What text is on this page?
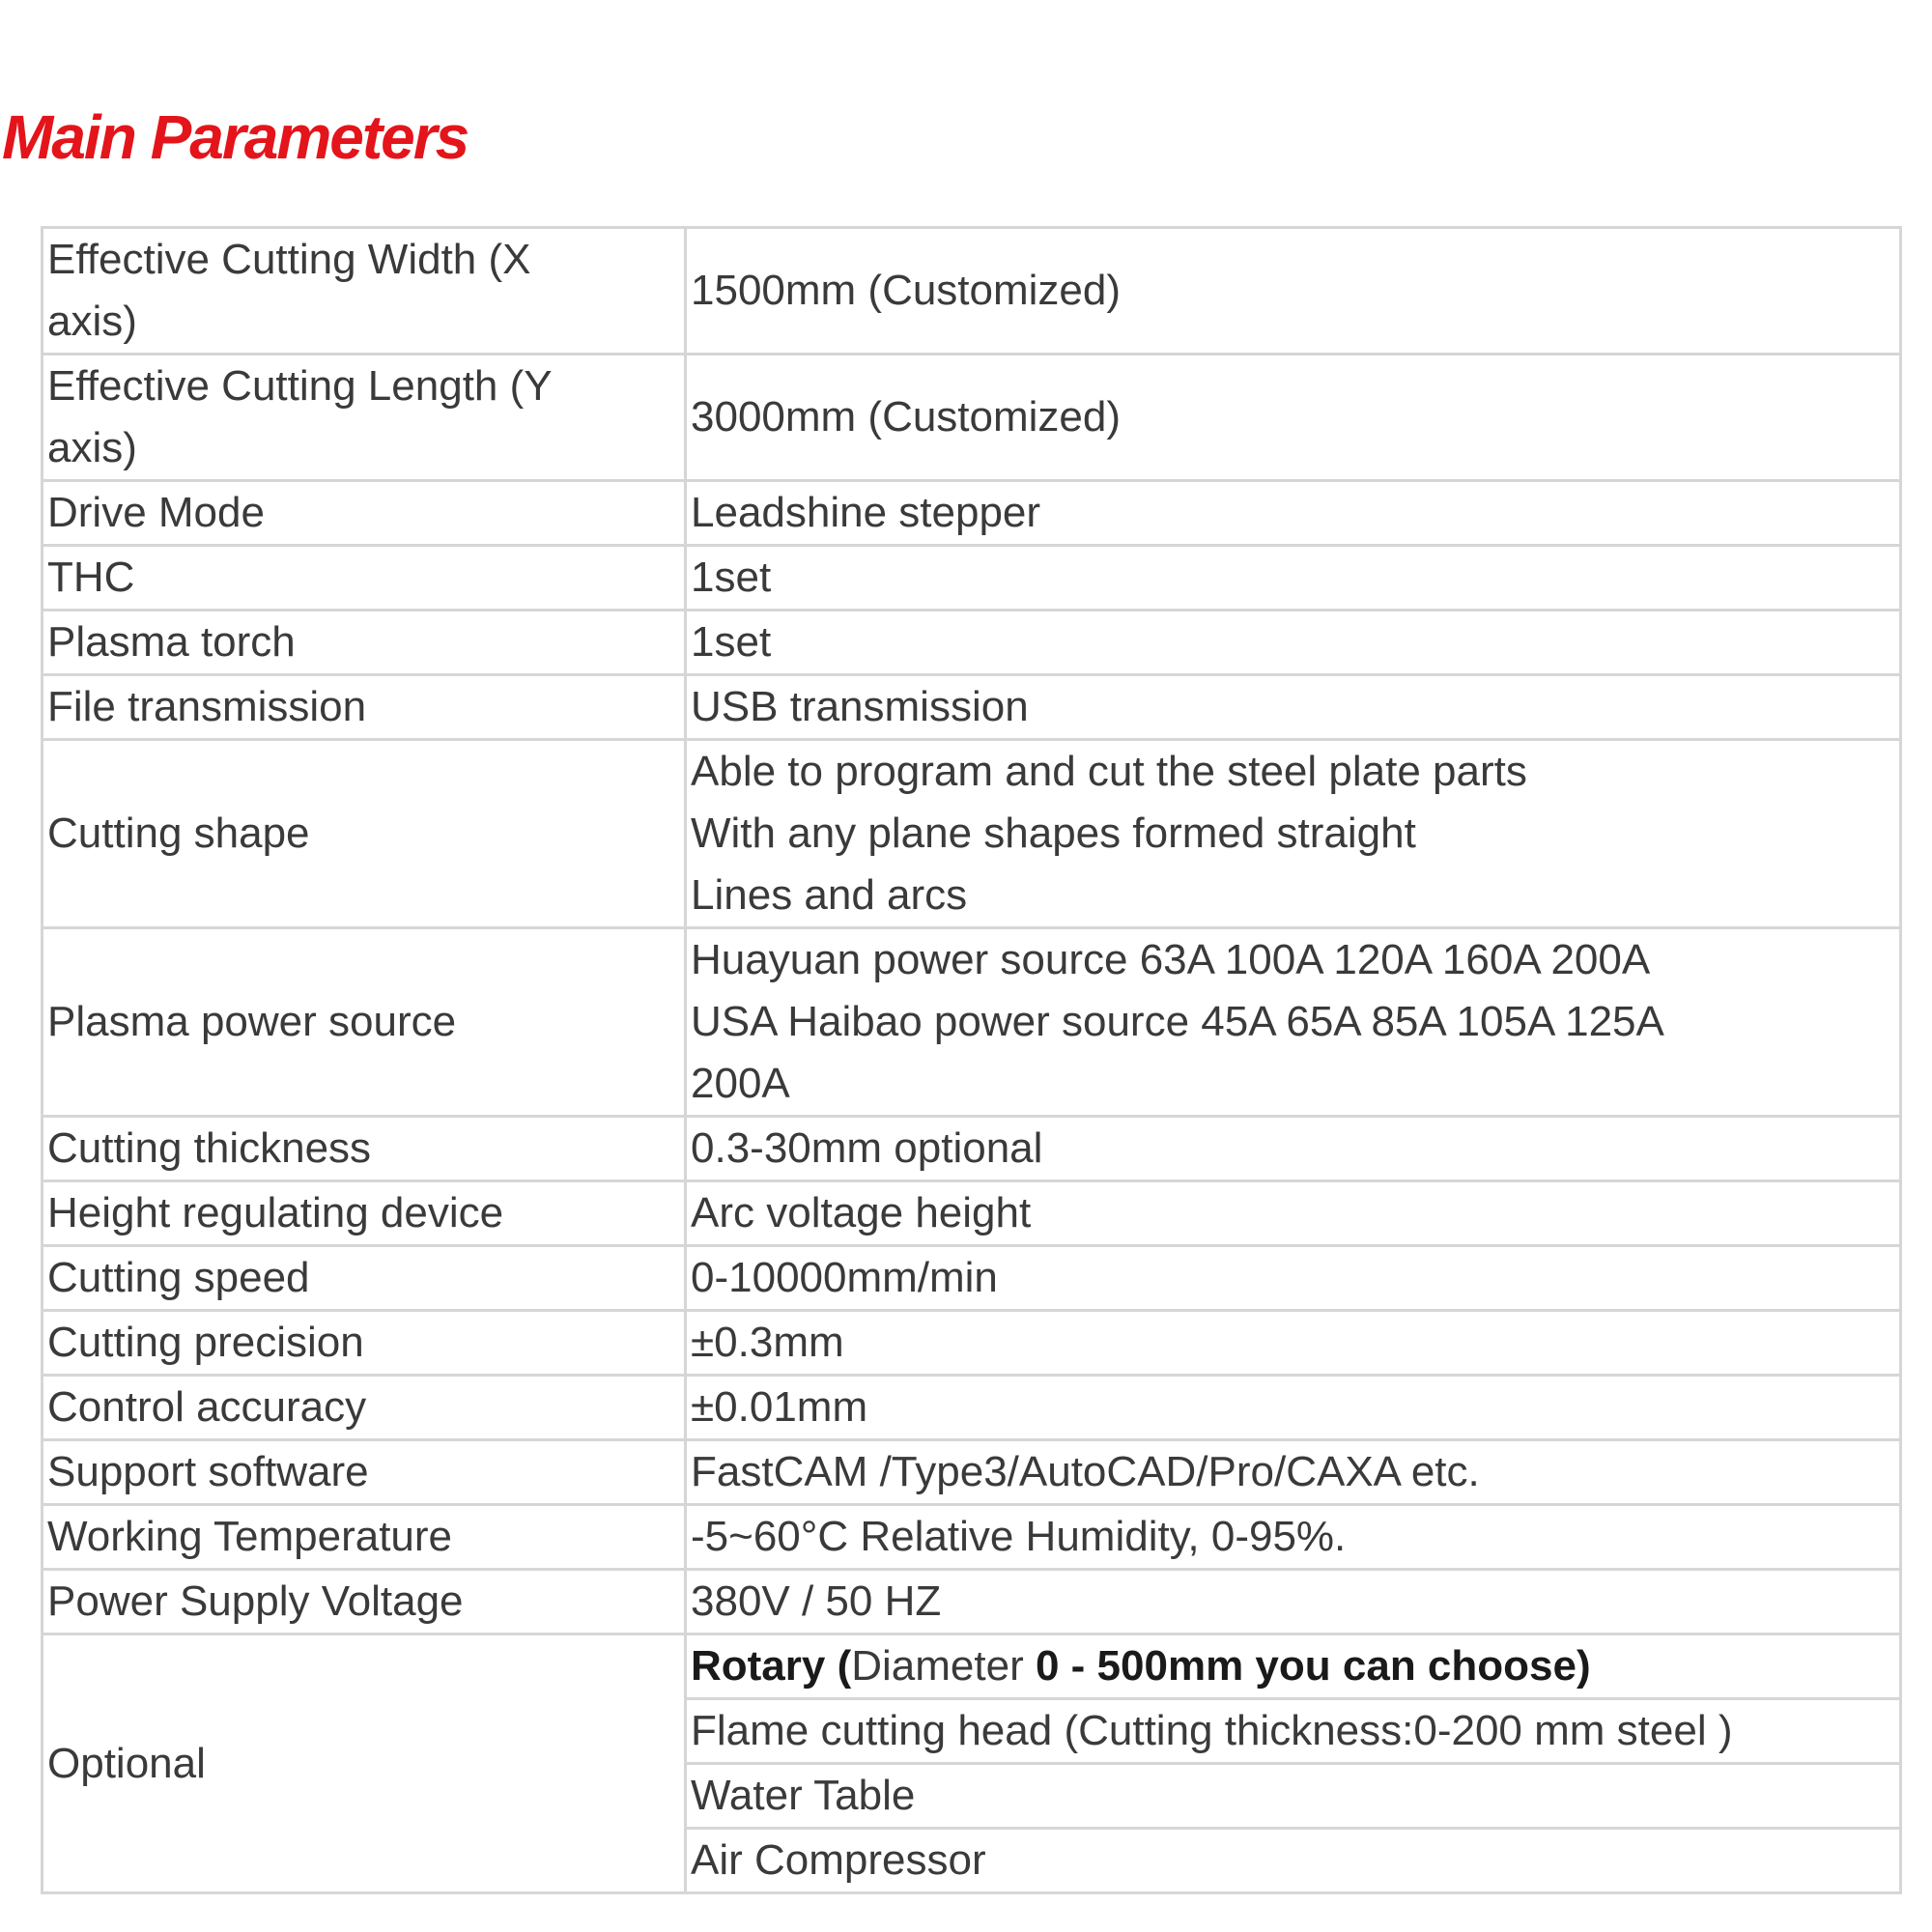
Main Parameters
Effective Cutting Width (X
axis)	1500mm (Customized)

Effective Cutting Length (Y
axis)	3000mm (Customized)
Drive Mode	Leadshine stepper
THC	1set
Plasma torch	1set
File transmission	USB transmission
Cutting shape	Able to program and cut the steel plate parts
With any plane shapes formed straight
Lines and arcs

Plasma power source	Huayuan power source 63A 100A 120A 160A 200A
USA Haibao power source 45A 65A 85A 105A 125A
200A

Cutting thickness	0.3-30mm optional
Height regulating device	Arc voltage height
Cutting speed	0-10000mm/min
Cutting precision	±0.3mm
Control accuracy	±0.01mm
Support software	FastCAM /Type3/AutoCAD/Pro/CAXA etc.
Working Temperature	-5~60°C Relative Humidity, 0-95%.
Power Supply Voltage	380V / 50 HZ
Optional	Rotary (Diameter 0 - 500mm you can choose)
	Flame cutting head (Cutting thickness:0-200 mm steel )
	Water Table
	Air Compressor
